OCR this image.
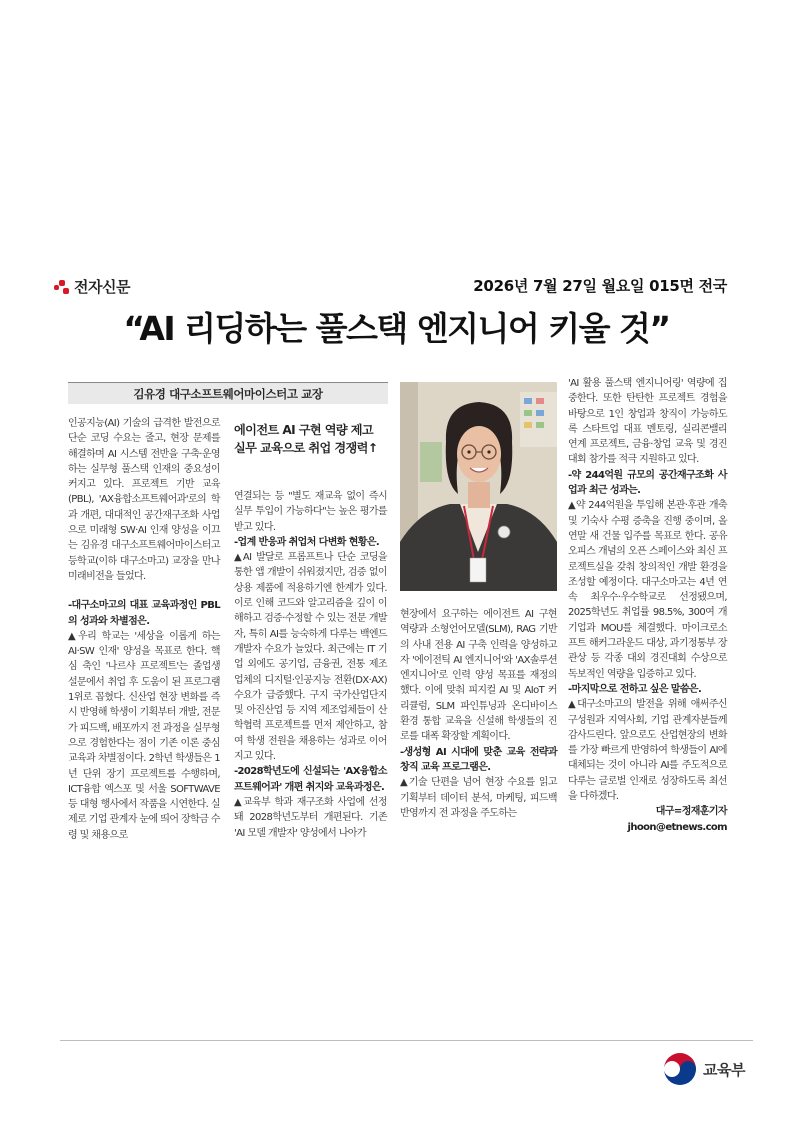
전자신문	2026년 7월 27일 월요일 015면 전국
“AI 리딩하는 풀스택 엔지니어 키울 것”
김유경 대구소프트웨어마이스터고 교장
에이전트 AI 구현 역량 제고
실무 교육으로 취업 경쟁력↑

인공지능(AI) 기술의 급격한 발전으로 단순 코딩 수요는 줄고, 현장 문제를 해결하며 AI 시스템 전반을 구축·운영하는 실무형 풀스택 인재의 중요성이 커지고 있다. 프로젝트 기반 교육(PBL), 'AX융합소프트웨어과'로의 학과 개편, 대대적인 공간재구조화 사업으로 미래형 SW·AI 인재 양성을 이끄는 김유경 대구소프트웨어마이스터고등학교(이하 대구소마고) 교장을 만나 미래비전을 들었다.

-대구소마고의 대표 교육과정인 PBL의 성과와 차별점은.

▲우리 학교는 '세상을 이롭게 하는 AI·SW 인재' 양성을 목표로 한다. 핵심 축인 '나르샤 프로젝트'는 졸업생 설문에서 취업 후 도움이 된 프로그램 1위로 꼽혔다. 신산업 현장 변화를 즉시 반영해 학생이 기획부터 개발, 전문가 피드백, 배포까지 전 과정을 실무형으로 경험한다는 점이 기존 이론 중심 교육과 차별점이다. 2학년 학생들은 1년 단위 장기 프로젝트를 수행하며, ICT융합 엑스포 및 서울 SOFTWAVE 등 대형 행사에서 작품을 시연한다. 실제로 기업 관계자 눈에 띄어 장학금 수령 및 채용으로

연결되는 등 "별도 재교육 없이 즉시 실무 투입이 가능하다"는 높은 평가를 받고 있다.

-업계 반응과 취업처 다변화 현황은.

▲AI 발달로 프롬프트나 단순 코딩을 통한 앱 개발이 쉬워졌지만, 검증 없이 상용 제품에 적용하기엔 한계가 있다. 이로 인해 코드와 알고리즘을 깊이 이해하고 검증·수정할 수 있는 전문 개발자, 특히 AI를 능숙하게 다루는 백엔드 개발자 수요가 늘었다. 최근에는 IT 기업 외에도 공기업, 금융권, 전통 제조업체의 디지털·인공지능 전환(DX·AX) 수요가 급증했다. 구지 국가산업단지 및 아진산업 등 지역 제조업체들이 산학협력 프로젝트를 먼저 제안하고, 참여 학생 전원을 채용하는 성과로 이어지고 있다.

-2028학년도에 신설되는 'AX융합소프트웨어과' 개편 취지와 교육과정은.

▲교육부 학과 재구조화 사업에 선정돼 2028학년도부터 개편된다. 기존 'AI 모델 개발자' 양성에서 나아가

현장에서 요구하는 에이전트 AI 구현 역량과 소형언어모델(SLM), RAG 기반의 사내 전용 AI 구축 인력을 양성하고자 '에이전틱 AI 엔지니어'와 'AX솔루션 엔지니어'로 인력 양성 목표를 재정의했다. 이에 맞춰 피지컬 AI 및 AIoT 커리큘럼, SLM 파인튜닝과 온디바이스 환경 통합 교육을 신설해 학생들의 진로를 대폭 확장할 계획이다.

-생성형 AI 시대에 맞춘 교육 전략과 창직 교육 프로그램은.

▲기술 단편을 넘어 현장 수요를 읽고 기획부터 데이터 분석, 마케팅, 피드백 반영까지 전 과정을 주도하는

'AI 활용 풀스택 엔지니어링' 역량에 집중한다. 또한 탄탄한 프로젝트 경험을 바탕으로 1인 창업과 창직이 가능하도록 스타트업 대표 멘토링, 실리콘밸리 연계 프로젝트, 금융·창업 교육 및 경진대회 참가를 적극 지원하고 있다.

-약 244억원 규모의 공간재구조화 사업과 최근 성과는.

▲약 244억원을 투입해 본관·후관 개축 및 기숙사 수평 증축을 진행 중이며, 올 연말 새 건물 입주를 목표로 한다. 공유 오피스 개념의 오픈 스페이스와 최신 프로젝트실을 갖춰 창의적인 개발 환경을 조성할 예정이다. 대구소마고는 4년 연속 최우수·우수학교로 선정됐으며, 2025학년도 취업률 98.5%, 300여 개 기업과 MOU를 체결했다. 마이크로소프트 해커그라운드 대상, 과기정통부 장관상 등 각종 대외 경진대회 수상으로 독보적인 역량을 입증하고 있다.

-마지막으로 전하고 싶은 말씀은.

▲대구소마고의 발전을 위해 애써주신 구성원과 지역사회, 기업 관계자분들께 감사드린다. 앞으로도 산업현장의 변화를 가장 빠르게 반영하여 학생들이 AI에 대체되는 것이 아니라 AI를 주도적으로 다루는 글로벌 인재로 성장하도록 최선을 다하겠다.

대구=정재훈기자 jhoon@etnews.com

교육부
